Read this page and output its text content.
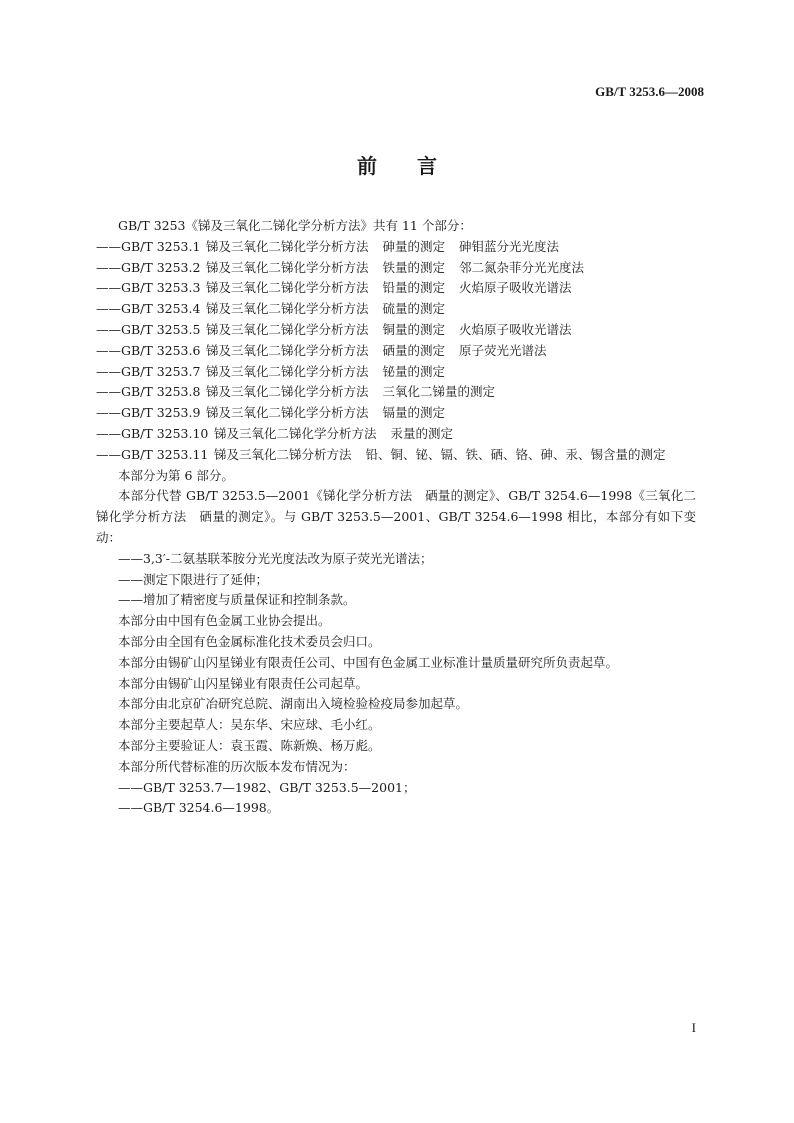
GB/T 3253.6—2008
前言
GB/T 3253《锑及三氧化二锑化学分析方法》共有 11 个部分：
——GB/T 3253.1 锑及三氧化二锑化学分析方法 砷量的测定 砷钼蓝分光光度法
——GB/T 3253.2 锑及三氧化二锑化学分析方法 铁量的测定 邻二氮杂菲分光光度法
——GB/T 3253.3 锑及三氧化二锑化学分析方法 铅量的测定 火焰原子吸收光谱法
——GB/T 3253.4 锑及三氧化二锑化学分析方法 硫量的测定
——GB/T 3253.5 锑及三氧化二锑化学分析方法 铜量的测定 火焰原子吸收光谱法
——GB/T 3253.6 锑及三氧化二锑化学分析方法 硒量的测定 原子荧光光谱法
——GB/T 3253.7 锑及三氧化二锑化学分析方法 铋量的测定
——GB/T 3253.8 锑及三氧化二锑化学分析方法 三氧化二锑量的测定
——GB/T 3253.9 锑及三氧化二锑化学分析方法 镉量的测定
——GB/T 3253.10 锑及三氧化二锑化学分析方法 汞量的测定
——GB/T 3253.11 锑及三氧化二锑分析方法 铅、铜、铋、镉、铁、硒、铬、砷、汞、锡含量的测定
本部分为第 6 部分。
本部分代替 GB/T 3253.5—2001《锑化学分析方法　硒量的测定》、GB/T 3254.6—1998《三氧化二锑化学分析方法　硒量的测定》。与 GB/T 3253.5—2001、GB/T 3254.6—1998 相比，本部分有如下变动：
——3,3′-二氨基联苯胺分光光度法改为原子荧光光谱法；
——测定下限进行了延伸；
——增加了精密度与质量保证和控制条款。
本部分由中国有色金属工业协会提出。
本部分由全国有色金属标准化技术委员会归口。
本部分由锡矿山闪星锑业有限责任公司、中国有色金属工业标准计量质量研究所负责起草。
本部分由锡矿山闪星锑业有限责任公司起草。
本部分由北京矿冶研究总院、湖南出入境检验检疫局参加起草。
本部分主要起草人：吴东华、宋应球、毛小红。
本部分主要验证人：袁玉霞、陈新焕、杨万彪。
本部分所代替标准的历次版本发布情况为：
——GB/T 3253.7—1982、GB/T 3253.5—2001；
——GB/T 3254.6—1998。
I
